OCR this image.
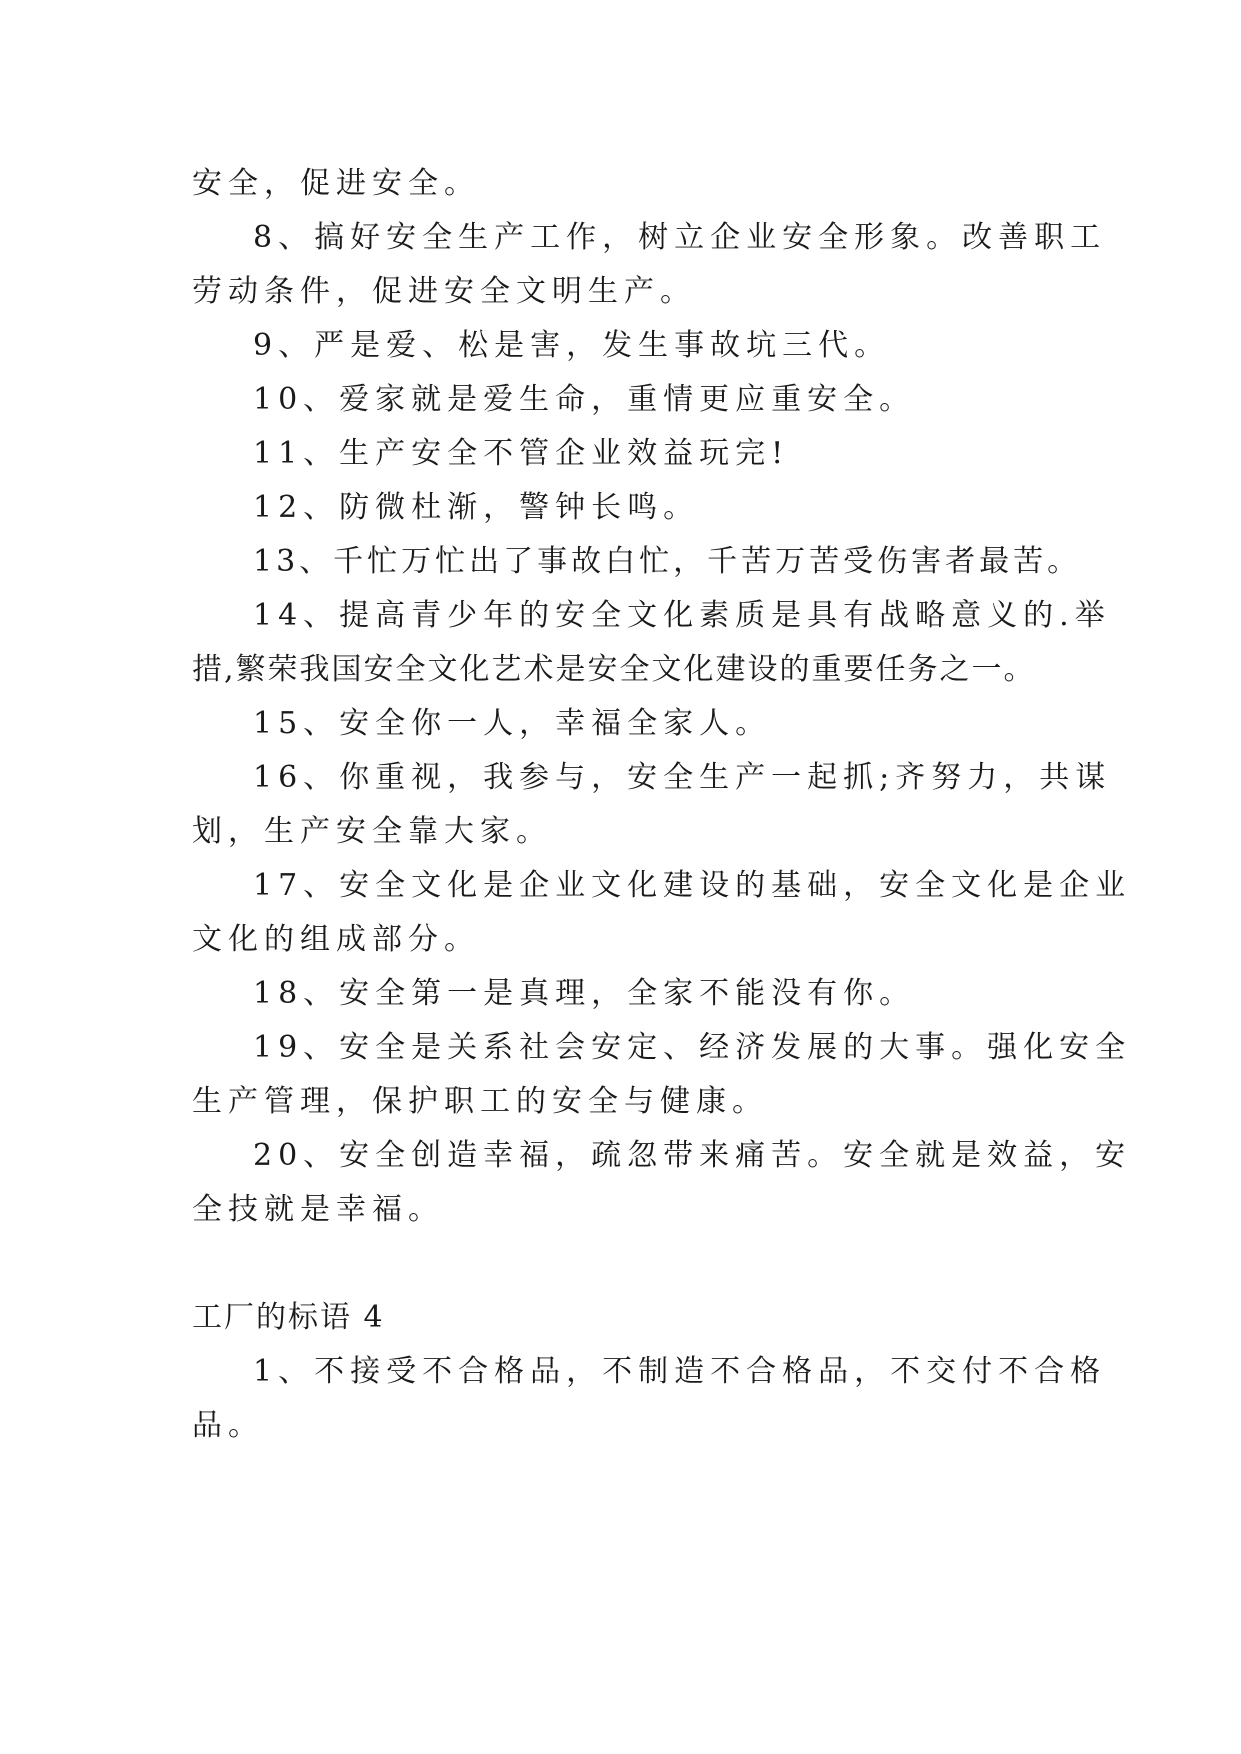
安全，促进安全。
8、搞好安全生产工作，树立企业安全形象。改善职工
劳动条件，促进安全文明生产。
9、严是爱、松是害，发生事故坑三代。
10、爱家就是爱生命，重情更应重安全。
11、生产安全不管企业效益玩完!
12、防微杜渐，警钟长鸣。
13、千忙万忙出了事故白忙，千苦万苦受伤害者最苦。
14、提高青少年的安全文化素质是具有战略意义的.举
措,繁荣我国安全文化艺术是安全文化建设的重要任务之一。
15、安全你一人，幸福全家人。
16、你重视，我参与，安全生产一起抓;齐努力，共谋
划，生产安全靠大家。
17、安全文化是企业文化建设的基础，安全文化是企业
文化的组成部分。
18、安全第一是真理，全家不能没有你。
19、安全是关系社会安定、经济发展的大事。强化安全
生产管理，保护职工的安全与健康。
20、安全创造幸福，疏忽带来痛苦。安全就是效益，安
全技就是幸福。
工厂的标语 4
1、不接受不合格品，不制造不合格品，不交付不合格
品。
